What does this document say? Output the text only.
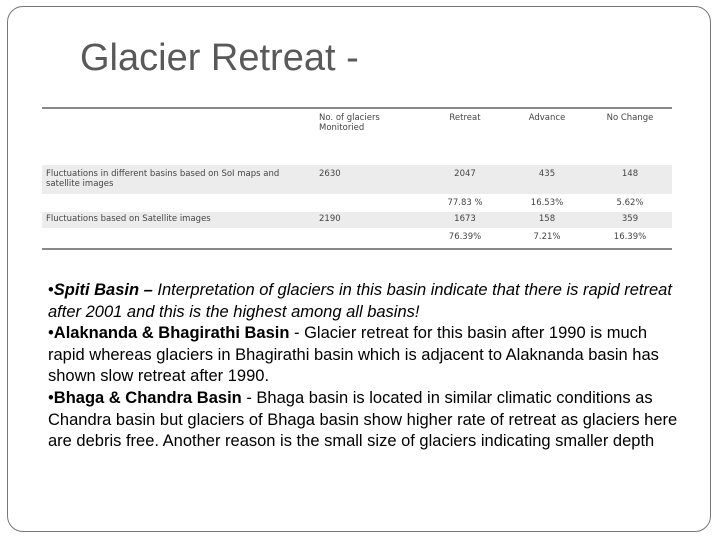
Glacier Retreat -
	No. of glaciers Monitoried	Retreat	Advance	No Change
Fluctuations in different basins based on SoI maps and satellite images	2630	2047	435	148
		77.83 %	16.53%	5.62%
Fluctuations based on Satellite images	2190	1673	158	359
		76.39%	7.21%	16.39%

•Spiti Basin – Interpretation of glaciers in this basin indicate that there is rapid retreat after 2001 and this is the highest among all basins!

•Alaknanda & Bhagirathi Basin - Glacier retreat for this basin after 1990 is much rapid whereas glaciers in Bhagirathi basin which is adjacent to Alaknanda basin has shown slow retreat after 1990.

•Bhaga & Chandra Basin - Bhaga basin is located in similar climatic conditions as Chandra basin but glaciers of Bhaga basin show higher rate of retreat as glaciers here are debris free. Another reason is the small size of glaciers indicating smaller depth
